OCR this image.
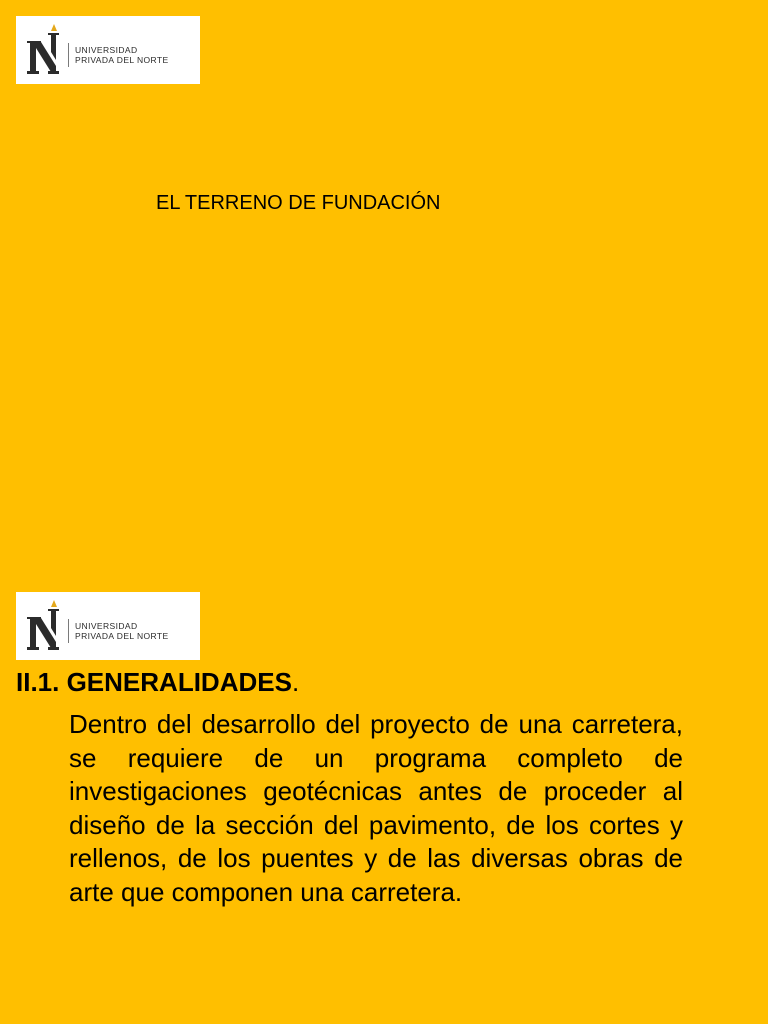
UNIVERSIDAD
PRIVADA DEL NORTE
EL TERRENO DE FUNDACIÓN
UNIVERSIDAD
PRIVADA DEL NORTE
II.1. GENERALIDADES.
Dentro del desarrollo del proyecto de una carretera, se requiere de un programa completo de investigaciones geotécnicas antes de proceder al diseño de la sección del pavimento, de los cortes y rellenos, de los puentes y de las diversas obras de arte que componen una carretera.
